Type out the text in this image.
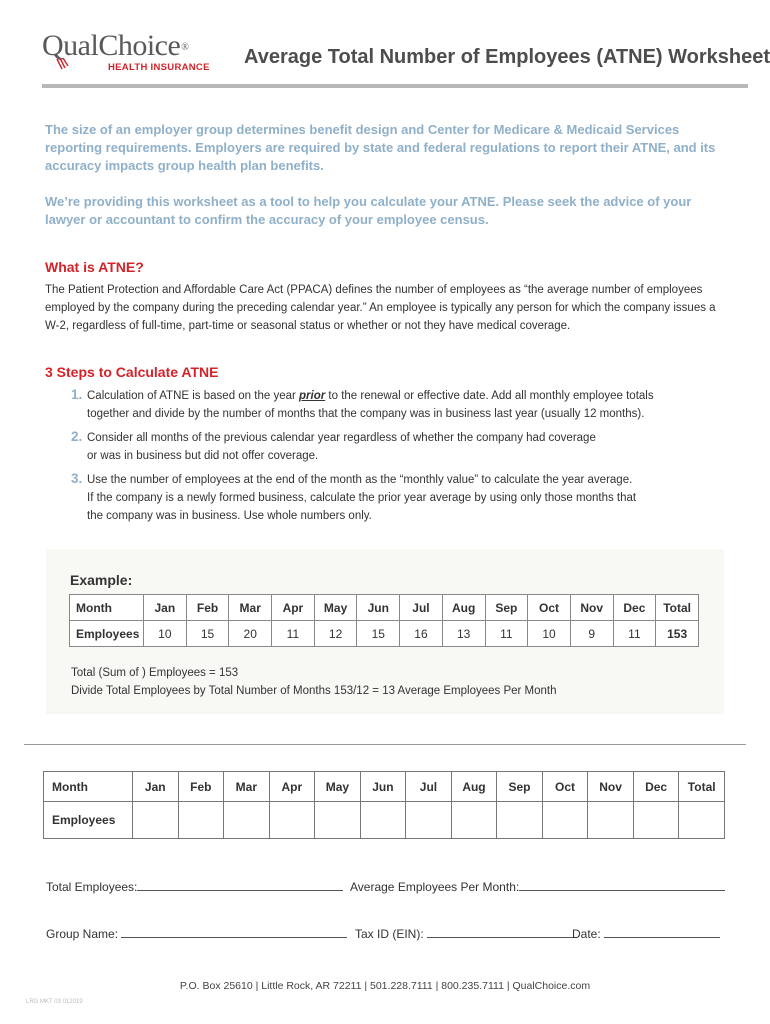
QualChoice®
HEALTH INSURANCE Average Total Number of Employees (ATNE) Worksheet
The size of an employer group determines benefit design and Center for Medicare & Medicaid Services reporting requirements. Employers are required by state and federal regulations to report their ATNE, and its accuracy impacts group health plan benefits.
We’re providing this worksheet as a tool to help you calculate your ATNE. Please seek the advice of your lawyer or accountant to confirm the accuracy of your employee census.
What is ATNE?
The Patient Protection and Affordable Care Act (PPACA) defines the number of employees as “the average number of employees employed by the company during the preceding calendar year.” An employee is typically any person for which the company issues a W-2, regardless of full-time, part-time or seasonal status or whether or not they have medical coverage.
3 Steps to Calculate ATNE
1. Calculation of ATNE is based on the year prior to the renewal or effective date. Add all monthly employee totals
together and divide by the number of months that the company was in business last year (usually 12 months).
2. Consider all months of the previous calendar year regardless of whether the company had coverage
or was in business but did not offer coverage.
3. Use the number of employees at the end of the month as the “monthly value” to calculate the year average.
If the company is a newly formed business, calculate the prior year average by using only those months that
the company was in business. Use whole numbers only.
Example:
Month	Jan	Feb	Mar	Apr	May	Jun	Jul	Aug	Sep	Oct	Nov	Dec	Total
Employees	10	15	20	11	12	15	16	13	11	10	9	11	153
Total (Sum of ) Employees = 153
Divide Total Employees by Total Number of Months 153/12 = 13 Average Employees Per Month
Month	Jan	Feb	Mar	Apr	May	Jun	Jul	Aug	Sep	Oct	Nov	Dec	Total
Employees													
Total Employees:	Average Employees Per Month:
Group Name:	Tax ID (EIN):	Date:
P.O. Box 25610 | Little Rock, AR 72211 | 501.228.7111 | 800.235.7111 | QualChoice.com
LRG MKT 03 012019
